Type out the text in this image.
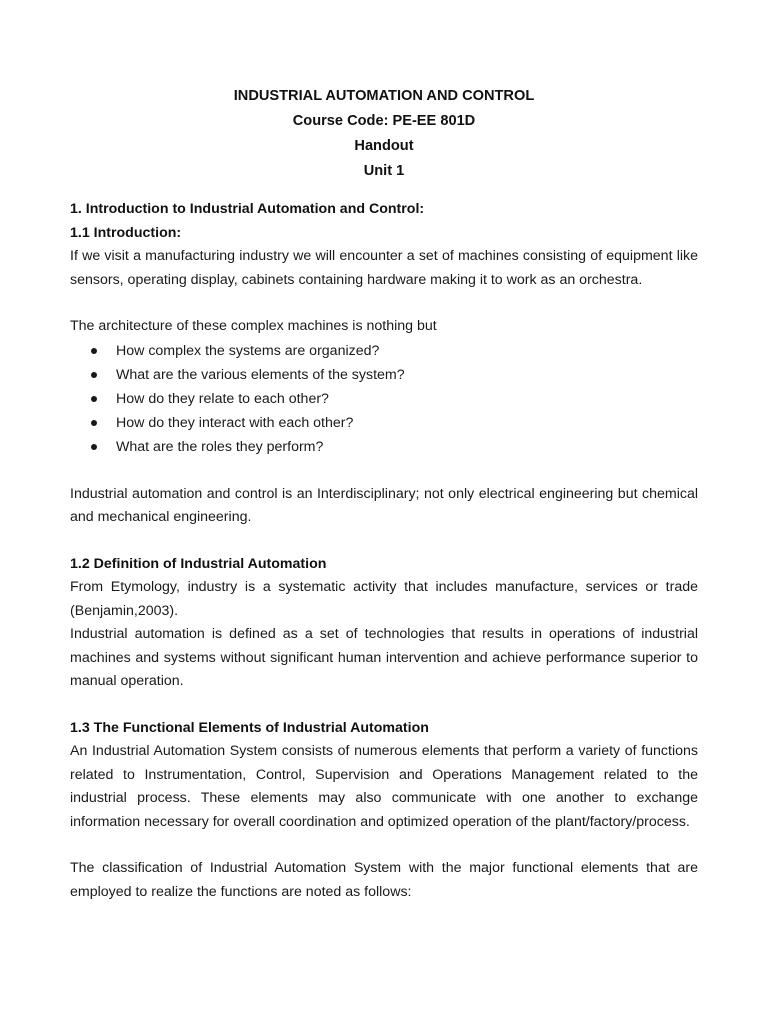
INDUSTRIAL AUTOMATION AND CONTROL
Course Code: PE-EE 801D
Handout
Unit 1
1. Introduction to Industrial Automation and Control:
1.1 Introduction:

If we visit a manufacturing industry we will encounter a set of machines consisting of equipment like sensors, operating display, cabinets containing hardware making it to work as an orchestra.

The architecture of these complex machines is nothing but

How complex the systems are organized?
What are the various elements of the system?
How do they relate to each other?
How do they interact with each other?
What are the roles they perform?

Industrial automation and control is an Interdisciplinary; not only electrical engineering but chemical and mechanical engineering.

1.2 Definition of Industrial Automation

From Etymology, industry is a systematic activity that includes manufacture, services or trade (Benjamin,2003).

Industrial automation is defined as a set of technologies that results in operations of industrial machines and systems without significant human intervention and achieve performance superior to manual operation.

1.3 The Functional Elements of Industrial Automation

An Industrial Automation System consists of numerous elements that perform a variety of functions related to Instrumentation, Control, Supervision and Operations Management related to the industrial process. These elements may also communicate with one another to exchange information necessary for overall coordination and optimized operation of the plant/factory/process.

The classification of Industrial Automation System with the major functional elements that are employed to realize the functions are noted as follows:
